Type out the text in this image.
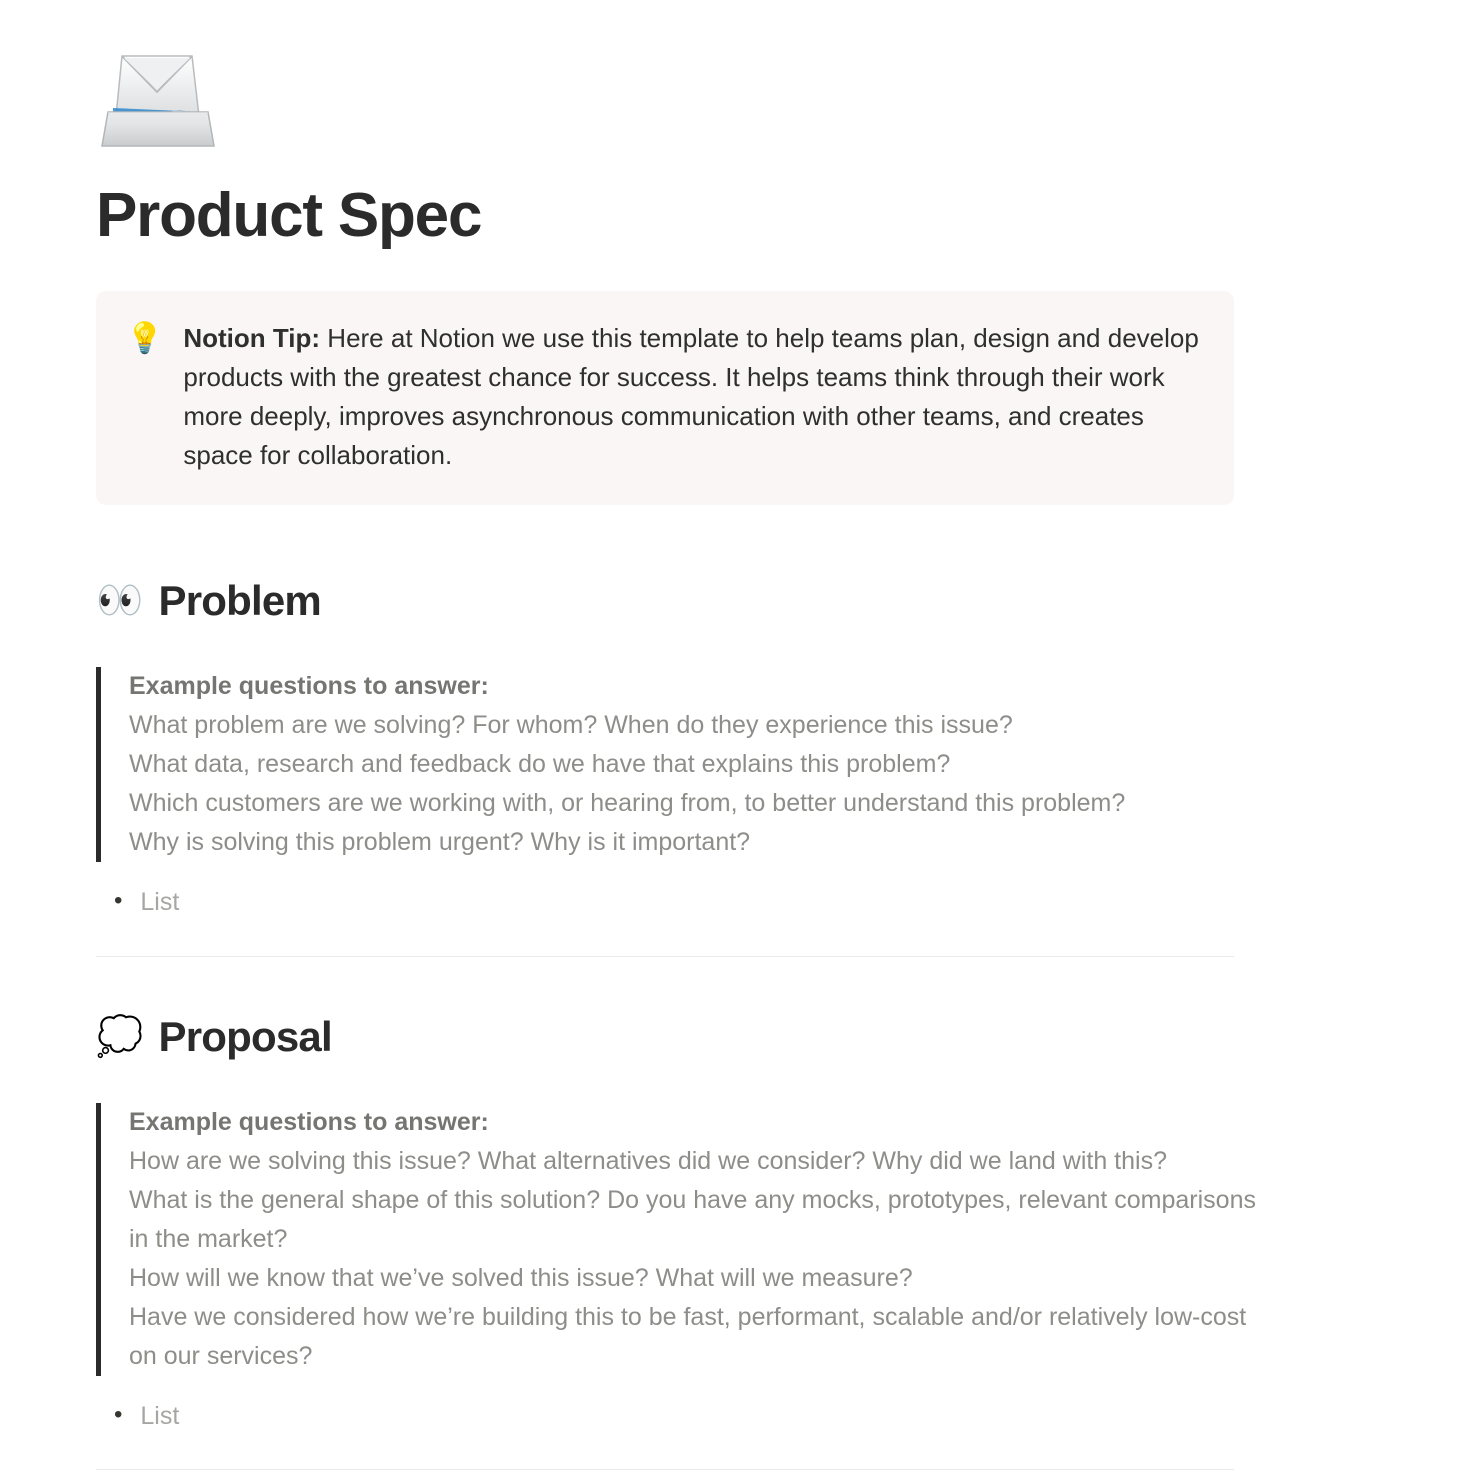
Product Spec
💡 Notion Tip: Here at Notion we use this template to help teams plan, design and develop products with the greatest chance for success. It helps teams think through their work more deeply, improves asynchronous communication with other teams, and creates space for collaboration.
👀 Problem

Example questions to answer:

What problem are we solving? For whom? When do they experience this issue?

What data, research and feedback do we have that explains this problem?

Which customers are we working with, or hearing from, to better understand this problem?

Why is solving this problem urgent? Why is it important?

• List
💭 Proposal

Example questions to answer:

How are we solving this issue? What alternatives did we consider? Why did we land with this?

What is the general shape of this solution? Do you have any mocks, prototypes, relevant comparisons in the market?

How will we know that we’ve solved this issue? What will we measure?

Have we considered how we’re building this to be fast, performant, scalable and/or relatively low-cost on our services?

• List
